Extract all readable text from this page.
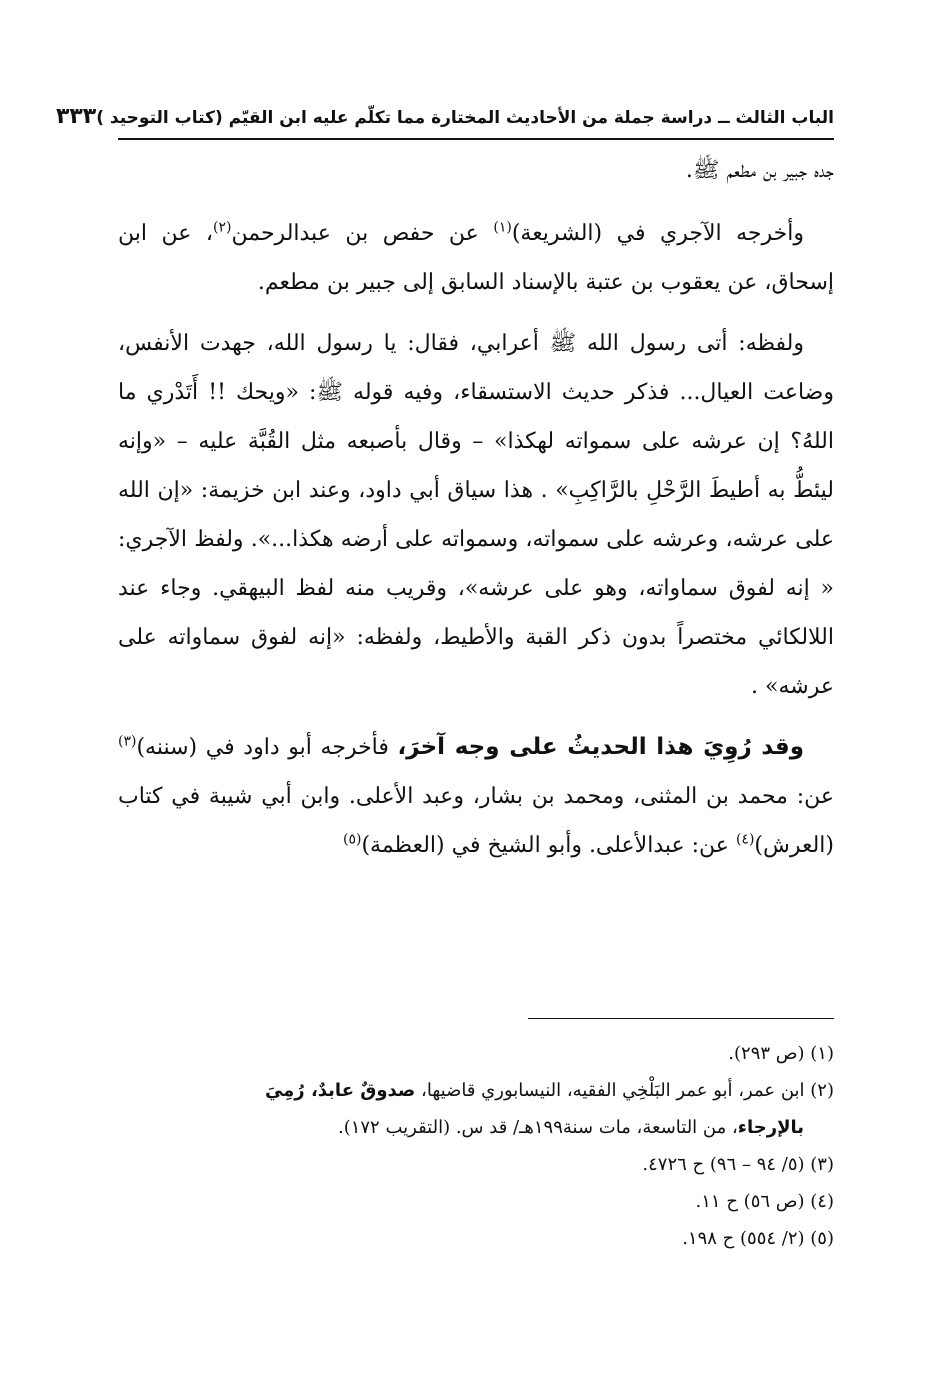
الباب الثالث ــ دراسة جملة من الأحاديث المختارة مما تكلّم عليه ابن القيّم (كتاب التوحيد )
٣٣٣

جده جبير بن مطعم ﷺ.

وأخرجه الآجري في (الشريعة)$^{(١)}$ عن حفص بن عبدالرحمن$^{(٢)}$، عن ابن إسحاق، عن يعقوب بن عتبة بالإسناد السابق إلى جبير بن مطعم.

ولفظه: أتى رسول الله ﷺ أعرابي، فقال: يا رسول الله، جهدت الأنفس، وضاعت العيال... فذكر حديث الاستسقاء، وفيه قوله ﷺ: «ويحك !! أَتَدْري ما اللهُ؟ إن عرشه على سمواته لهكذا» – وقال بأصبعه مثل القُبَّة عليه – «وإنه ليئطُّ به أطيطَ الرَّحْلِ بالرَّاكِبِ» . هذا سياق أبي داود، وعند ابن خزيمة: «إن الله على عرشه، وعرشه على سمواته، وسمواته على أرضه هكذا...». ولفظ الآجري: « إنه لفوق سماواته، وهو على عرشه»، وقريب منه لفظ البيهقي. وجاء عند اللالكائي مختصراً بدون ذكر القبة والأطيط، ولفظه: «إنه لفوق سماواته على عرشه» .

وقد رُوِيَ هذا الحديثُ على وجه آخرَ، فأخرجه أبو داود في (سننه)$^{(٣)}$ عن: محمد بن المثنى، ومحمد بن بشار، وعبد الأعلى. وابن أبي شيبة في كتاب (العرش)$^{(٤)}$ عن: عبدالأعلى. وأبو الشيخ في (العظمة)$^{(٥)}$

(١) (ص ٢٩٣).

(٢) ابن عمر، أبو عمر البَلْخِي الفقيه، النيسابوري قاضيها، صدوقٌ عابدٌ، رُمِيَ
بالإرجاء، من التاسعة، مات سنة١٩٩هـ/ قد س. (التقريب ١٧٢).

(٣) (٥/ ٩٤ – ٩٦) ح ٤٧٢٦.

(٤) (ص ٥٦) ح ١١.

(٥) (٢/ ٥٥٤) ح ١٩٨.
